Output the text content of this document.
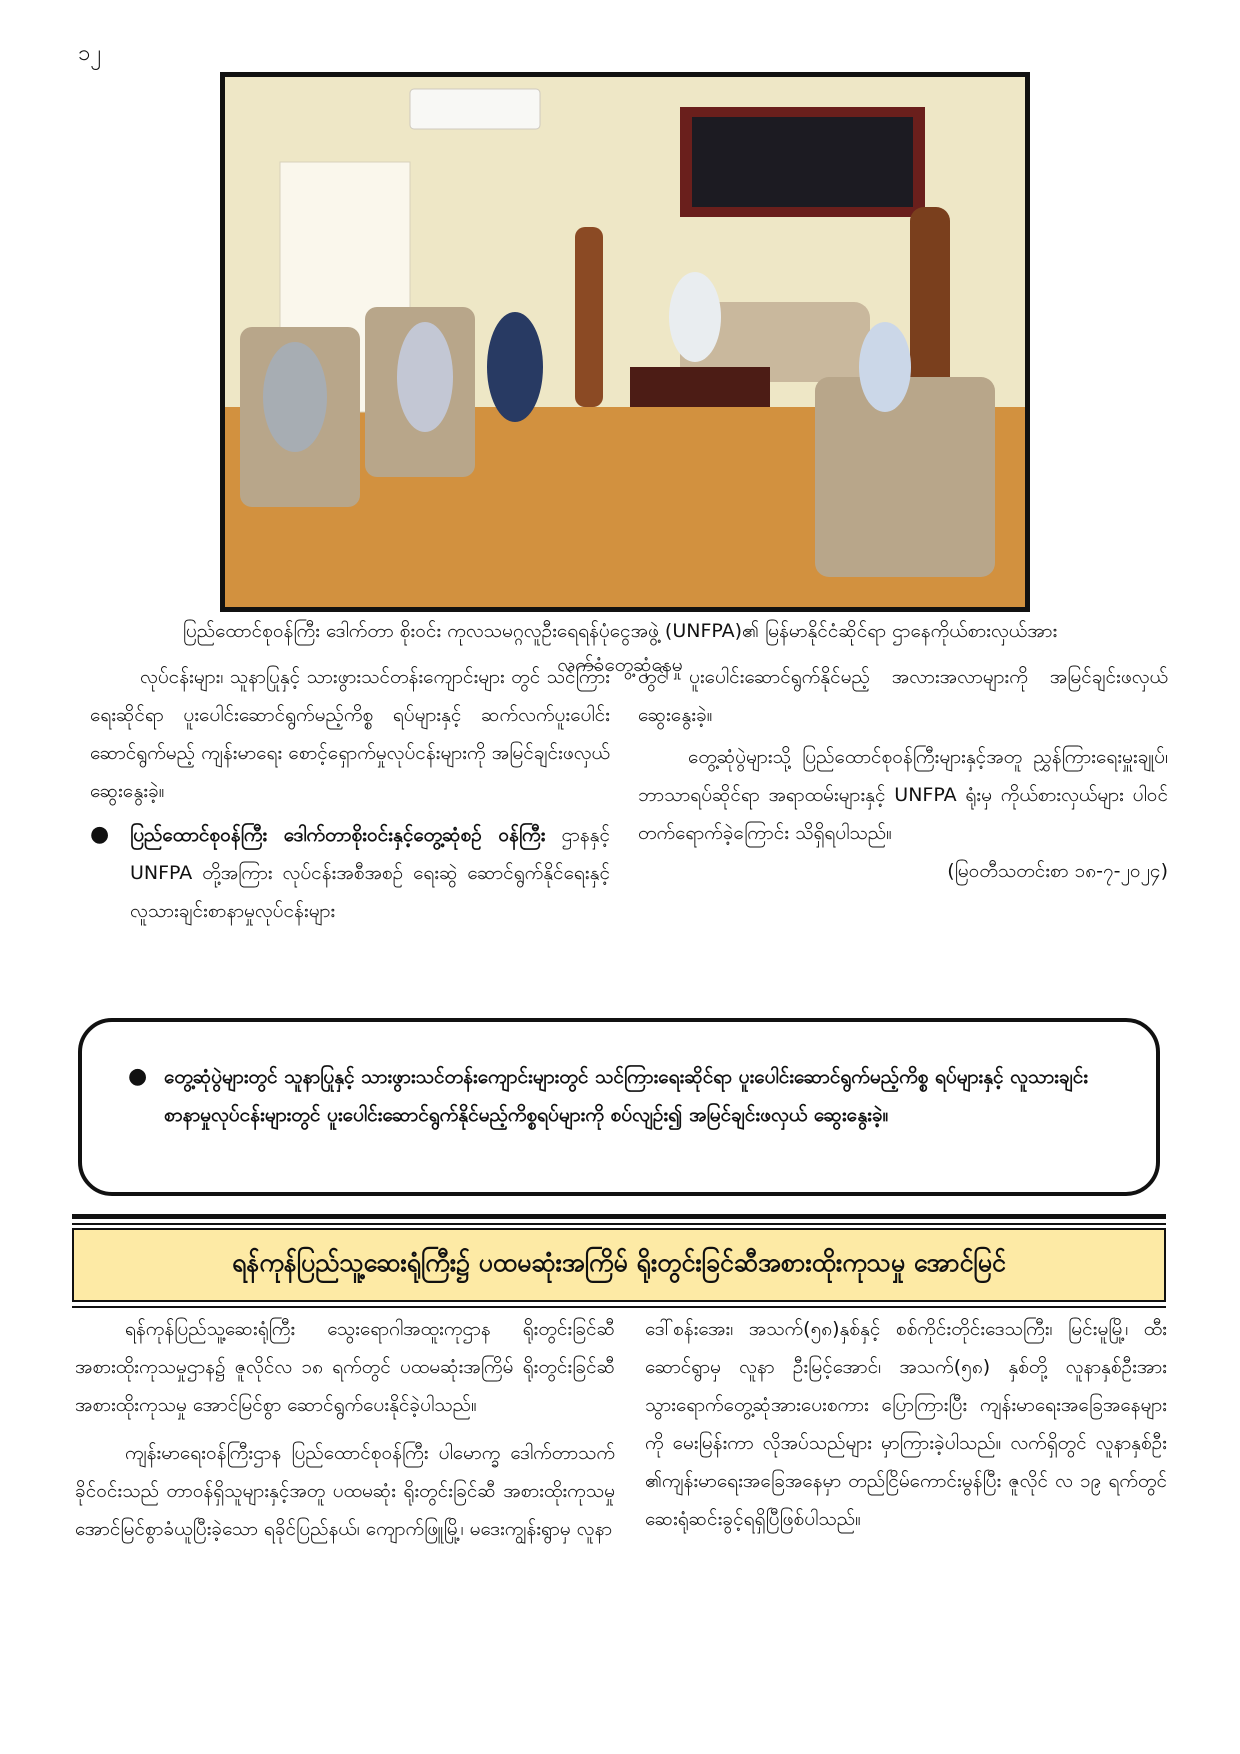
၁၂
ပြည်ထောင်စုဝန်ကြီး ဒေါက်တာ စိုးဝင်း ကုလသမဂ္ဂလူဦးရေရန်ပုံငွေအဖွဲ့ (UNFPA)၏ မြန်မာနိုင်ငံဆိုင်ရာ ဌာနေကိုယ်စားလှယ်အား
လက်ခံတွေ့ဆုံနေမှု

လုပ်ငန်းများ၊ သူနာပြုနှင့် သားဖွားသင်တန်းကျောင်းများ တွင် သင်ကြားရေးဆိုင်ရာ ပူးပေါင်းဆောင်ရွက်မည့်ကိစ္စ ရပ်များနှင့် ဆက်လက်ပူးပေါင်းဆောင်ရွက်မည့် ကျန်းမာရေး စောင့်ရှောက်မှုလုပ်ငန်းများကို အမြင်ချင်းဖလှယ်ဆွေးနွေးခဲ့။

●	ပြည်ထောင်စုဝန်ကြီး ဒေါက်တာစိုးဝင်းနှင့်တွေ့ဆုံစဉ် ဝန်ကြီး ဌာနနှင့် UNFPA တို့အကြား လုပ်ငန်းအစီအစဉ် ရေးဆွဲ ဆောင်ရွက်နိုင်ရေးနှင့် လူသားချင်းစာနာမှုလုပ်ငန်းများ

တွင် ပူးပေါင်းဆောင်ရွက်နိုင်မည့် အလားအလာများကို အမြင်ချင်းဖလှယ် ဆွေးနွေးခဲ့။

တွေ့ဆုံပွဲများသို့ ပြည်ထောင်စုဝန်ကြီးများနှင့်အတူ ညွှန်ကြားရေးမှူးချုပ်၊ ဘာသာရပ်ဆိုင်ရာ အရာထမ်းများနှင့် UNFPA ရုံးမှ ကိုယ်စားလှယ်များ ပါဝင်တက်ရောက်ခဲ့ကြောင်း သိရှိရပါသည်။

(မြဝတီသတင်းစာ ၁၈-၇-၂၀၂၄)

● တွေ့ဆုံပွဲများတွင် သူနာပြုနှင့် သားဖွားသင်တန်းကျောင်းများတွင် သင်ကြားရေးဆိုင်ရာ ပူးပေါင်းဆောင်ရွက်မည့်ကိစ္စ ရပ်များနှင့် လူသားချင်းစာနာမှုလုပ်ငန်းများတွင် ပူးပေါင်းဆောင်ရွက်နိုင်မည့်ကိစ္စရပ်များကို စပ်လျဉ်း၍ အမြင်ချင်းဖလှယ် ဆွေးနွေးခဲ့။
ရန်ကုန်ပြည်သူ့ဆေးရုံကြီး၌ ပထမဆုံးအကြိမ် ရိုးတွင်းခြင်ဆီအစားထိုးကုသမှု အောင်မြင်

ရန်ကုန်ပြည်သူ့ဆေးရုံကြီး သွေးရောဂါအထူးကုဌာန ရိုးတွင်းခြင်ဆီအစားထိုးကုသမှုဌာန၌ ဇူလိုင်လ ၁၈ ရက်တွင် ပထမဆုံးအကြိမ် ရိုးတွင်းခြင်ဆီအစားထိုးကုသမှု အောင်မြင်စွာ ဆောင်ရွက်ပေးနိုင်ခဲ့ပါသည်။

ကျန်းမာရေးဝန်ကြီးဌာန ပြည်ထောင်စုဝန်ကြီး ပါမောက္ခ ဒေါက်တာသက်ခိုင်ဝင်းသည် တာဝန်ရှိသူများနှင့်အတူ ပထမဆုံး ရိုးတွင်းခြင်ဆီ အစားထိုးကုသမှု အောင်မြင်စွာခံယူပြီးခဲ့သော ရခိုင်ပြည်နယ်၊ ကျောက်ဖြူမြို့၊ မဒေးကျွန်းရွာမှ လူနာ

ဒေါ်စန်းအေး၊ အသက်(၅၈)နှစ်နှင့် စစ်ကိုင်းတိုင်းဒေသကြီး၊ မြင်းမူမြို့၊ ထီးဆောင်ရွာမှ လူနာ ဦးမြင့်အောင်၊ အသက်(၅၈) နှစ်တို့ လူနာနှစ်ဦးအား သွားရောက်တွေ့ဆုံအားပေးစကား ပြောကြားပြီး ကျန်းမာရေးအခြေအနေများကို မေးမြန်းကာ လိုအပ်သည်များ မှာကြားခဲ့ပါသည်။ လက်ရှိတွင် လူနာနှစ်ဦး ၏ကျန်းမာရေးအခြေအနေမှာ တည်ငြိမ်ကောင်းမွန်ပြီး ဇူလိုင် လ ၁၉ ရက်တွင် ဆေးရုံဆင်းခွင့်ရရှိပြီဖြစ်ပါသည်။
